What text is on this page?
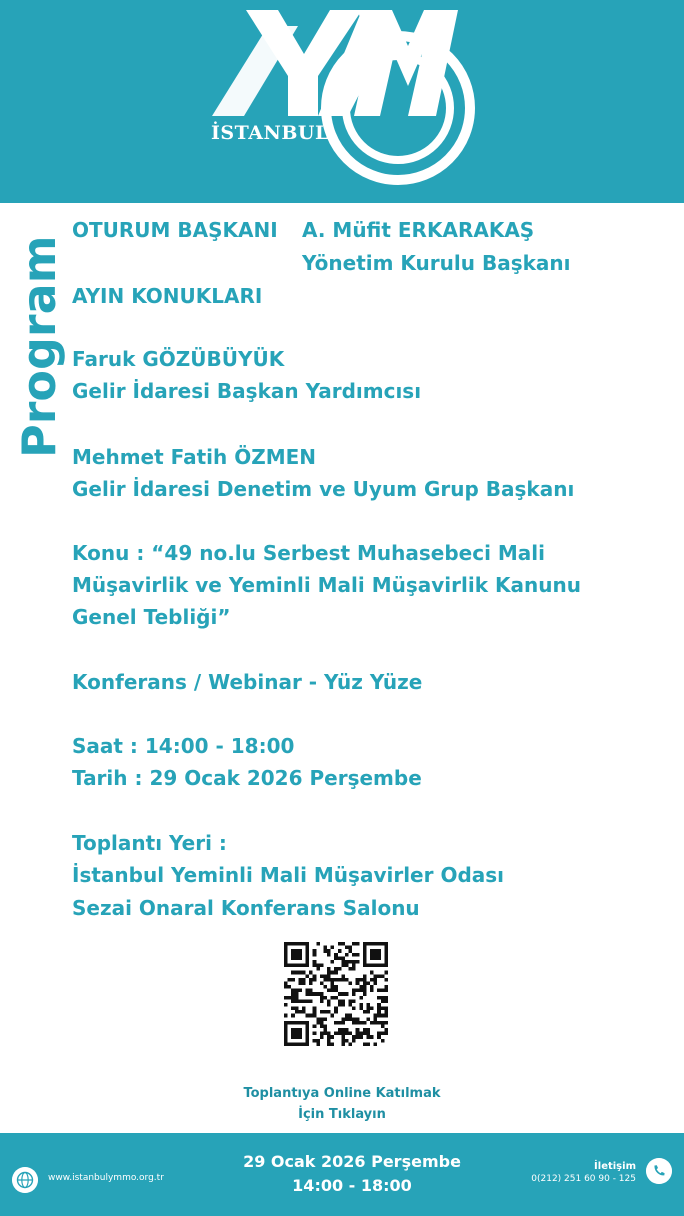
İSTANBUL
Program
OTURUM BAŞKANI A. Müfit ERKARAKAŞ
Yönetim Kurulu Başkanı
AYIN KONUKLARI
Faruk GÖZÜBÜYÜK
Gelir İdaresi Başkan Yardımcısı
Mehmet Fatih ÖZMEN
Gelir İdaresi Denetim ve Uyum Grup Başkanı
Konu : “49 no.lu Serbest Muhasebeci Mali
Müşavirlik ve Yeminli Mali Müşavirlik Kanunu
Genel Tebliği”
Konferans / Webinar - Yüz Yüze
Saat : 14:00 - 18:00
Tarih : 29 Ocak 2026 Perşembe
Toplantı Yeri :
İstanbul Yeminli Mali Müşavirler Odası
Sezai Onaral Konferans Salonu
Toplantıya Online Katılmak
İçin Tıklayın
www.istanbulymmo.org.tr
29 Ocak 2026 Perşembe
14:00 - 18:00
İletişim
0(212) 251 60 90 - 125
